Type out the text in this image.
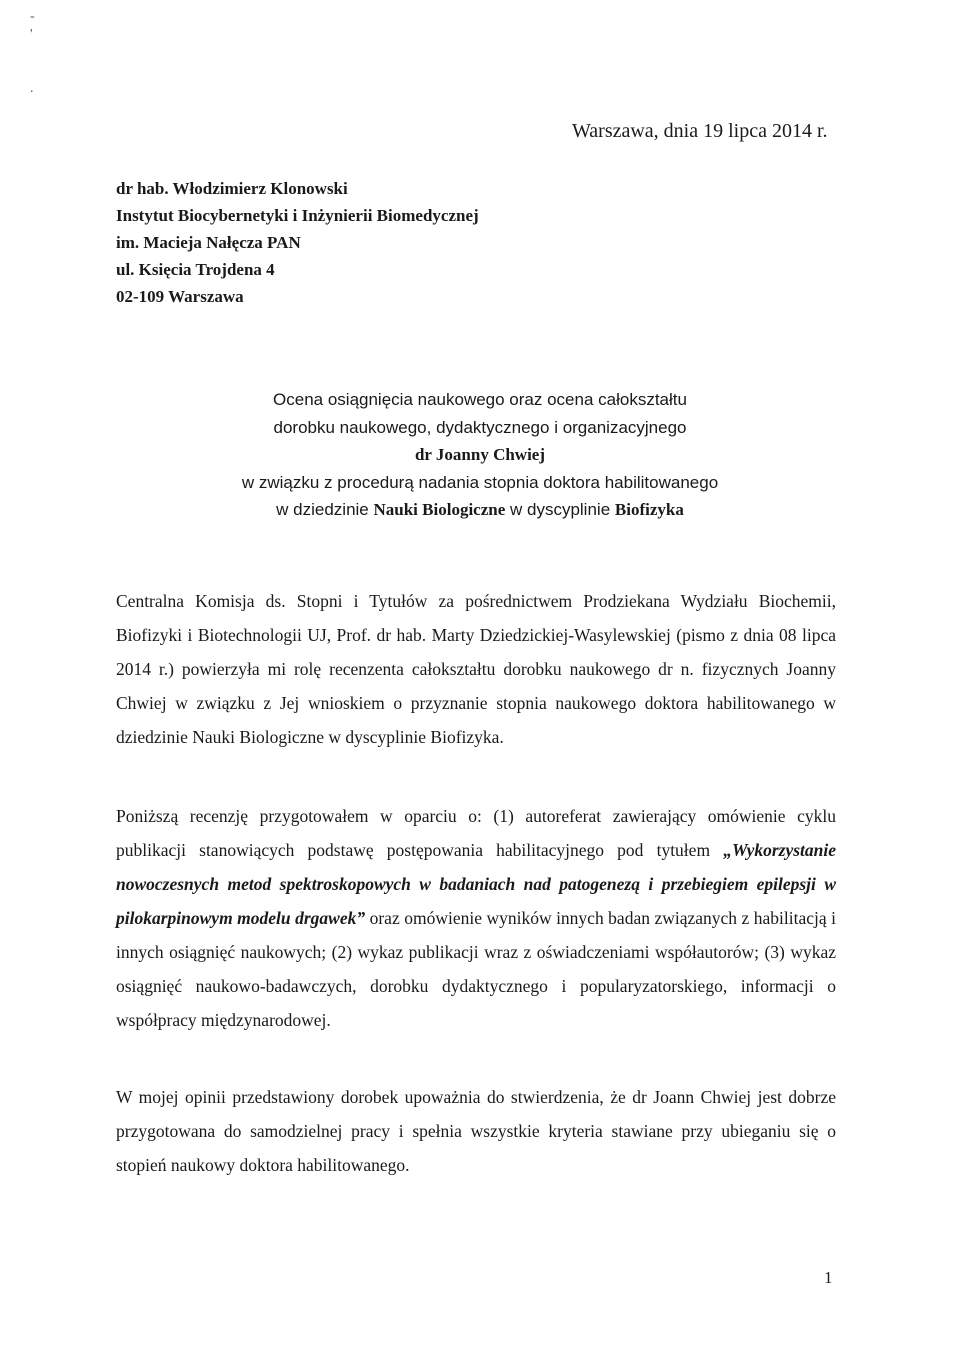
-
'

.
Warszawa, dnia 19 lipca 2014 r.
dr hab. Włodzimierz Klonowski
Instytut Biocybernetyki i Inżynierii Biomedycznej
im. Macieja Nałęcza PAN
ul. Księcia Trojdena 4
02-109 Warszawa
Ocena osiągnięcia naukowego oraz ocena całokształtu
dorobku naukowego, dydaktycznego i organizacyjnego
dr Joanny Chwiej
w związku z procedurą nadania stopnia doktora habilitowanego
w dziedzinie Nauki Biologiczne w dyscyplinie Biofizyka
Centralna Komisja ds. Stopni i Tytułów za pośrednictwem Prodziekana Wydziału Biochemii, Biofizyki i Biotechnologii UJ, Prof. dr hab. Marty Dziedzickiej-Wasylewskiej (pismo z dnia 08 lipca 2014 r.) powierzyła mi rolę recenzenta całokształtu dorobku naukowego dr n. fizycznych Joanny Chwiej w związku z Jej wnioskiem o przyznanie stopnia naukowego doktora habilitowanego w dziedzinie Nauki Biologiczne w dyscyplinie Biofizyka.
Poniższą recenzję przygotowałem w oparciu o: (1) autoreferat zawierający omówienie cyklu publikacji stanowiących podstawę postępowania habilitacyjnego pod tytułem „Wykorzystanie nowoczesnych metod spektroskopowych w badaniach nad patogenezą i przebiegiem epilepsji w pilokarpinowym modelu drgawek” oraz omówienie wyników innych badan związanych z habilitacją i innych osiągnięć naukowych; (2) wykaz publikacji wraz z oświadczeniami współautorów; (3) wykaz osiągnięć naukowo-badawczych, dorobku dydaktycznego i popularyzatorskiego, informacji o współpracy międzynarodowej.
W mojej opinii przedstawiony dorobek upoważnia do stwierdzenia, że dr Joann Chwiej jest dobrze przygotowana do samodzielnej pracy i spełnia wszystkie kryteria stawiane przy ubieganiu się o stopień naukowy doktora habilitowanego.
1
